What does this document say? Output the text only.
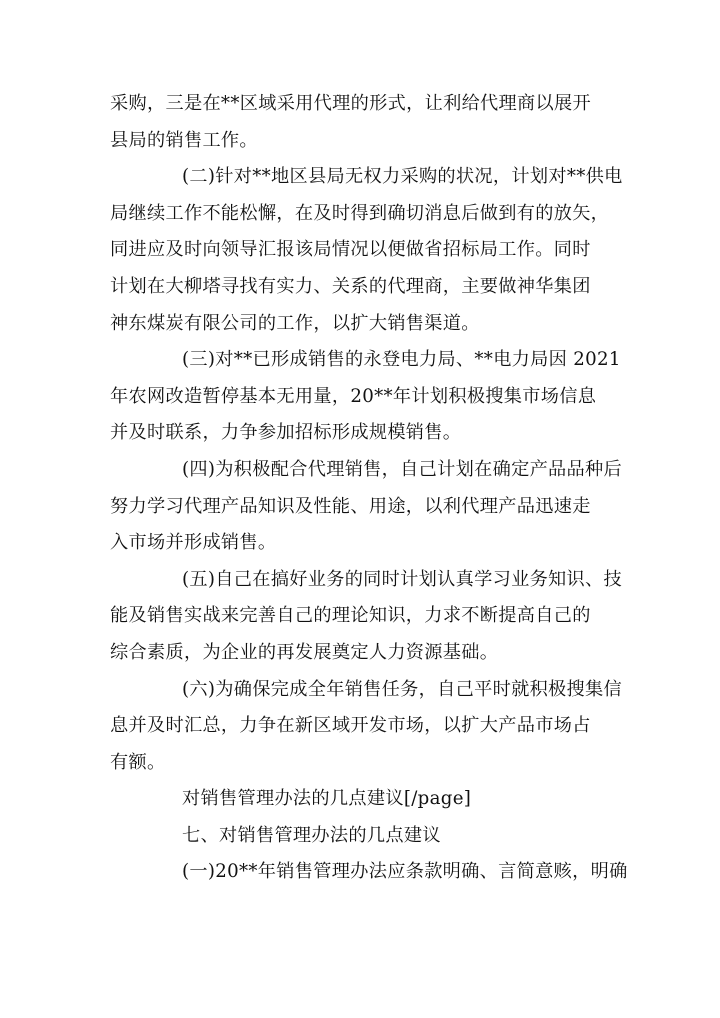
采购，三是在**区域采用代理的形式，让利给代理商以展开
县局的销售工作。
(二)针对**地区县局无权力采购的状况，计划对**供电
局继续工作不能松懈，在及时得到确切消息后做到有的放矢，
同进应及时向领导汇报该局情况以便做省招标局工作。同时
计划在大柳塔寻找有实力、关系的代理商，主要做神华集团
神东煤炭有限公司的工作，以扩大销售渠道。
(三)对**已形成销售的永登电力局、**电力局因 2021
年农网改造暂停基本无用量，20**年计划积极搜集市场信息
并及时联系，力争参加招标形成规模销售。
(四)为积极配合代理销售，自己计划在确定产品品种后
努力学习代理产品知识及性能、用途，以利代理产品迅速走
入市场并形成销售。
(五)自己在搞好业务的同时计划认真学习业务知识、技
能及销售实战来完善自己的理论知识，力求不断提高自己的
综合素质，为企业的再发展奠定人力资源基础。
(六)为确保完成全年销售任务，自己平时就积极搜集信
息并及时汇总，力争在新区域开发市场，以扩大产品市场占
有额。
对销售管理办法的几点建议[/page]
七、对销售管理办法的几点建议
(一)20**年销售管理办法应条款明确、言简意赅，明确
